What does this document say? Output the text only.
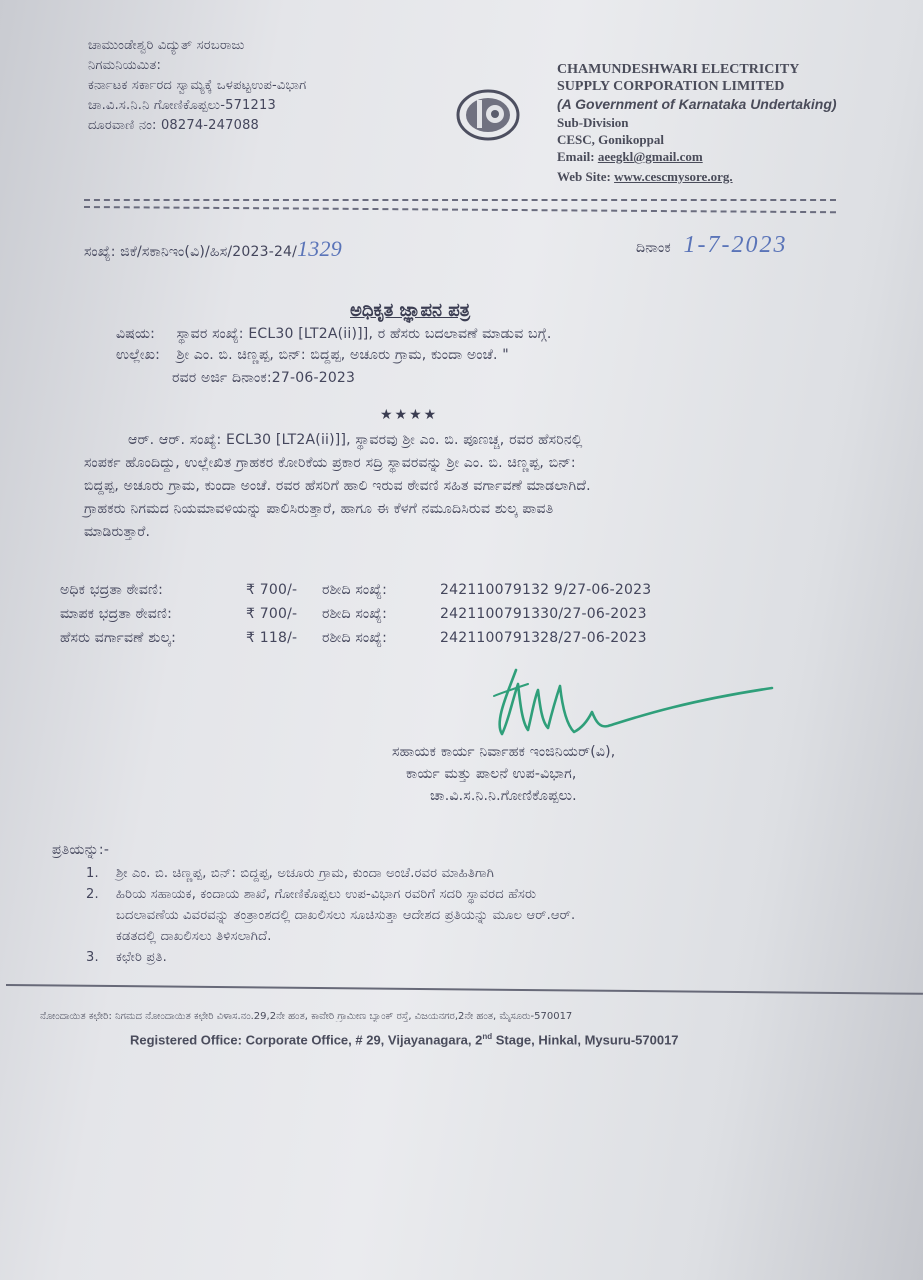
ಚಾಮುಂಡೇಶ್ವರಿ ವಿದ್ಯುತ್ ಸರಬರಾಜು
ನಿಗಮನಿಯಮಿತ:
ಕರ್ನಾಟಕ ಸರ್ಕಾರದ ಸ್ವಾಮ್ಯಕ್ಕೆ ಒಳಪಟ್ಟಉಪ-ವಿಭಾಗ
ಚಾ.ವಿ.ಸ.ನಿ.ನಿ ಗೋಣಿಕೊಪ್ಪಲು-571213
ದೂರವಾಣಿ ನಂ: 08274-247088
CHAMUNDESHWARI ELECTRICITY
SUPPLY CORPORATION LIMITED
(A Government of Karnataka Undertaking)
Sub-Division
CESC, Gonikoppal
Email: aeegkl@gmail.com
Web Site: www.cescmysore.org.
ಸಂಖ್ಯೆ: ಜಿಕೆ/ಸಕಾನಿಇಂ(ವಿ)/ಹಿಸ/2023-24/1329	ದಿನಾಂಕ 1-7-2023
ಅಧಿಕೃತ ಜ್ಞಾಪನ ಪತ್ರ
ವಿಷಯ: ಸ್ಥಾವರ ಸಂಖ್ಯೆ: ECL30 [LT2A(ii)]], ರ ಹೆಸರು ಬದಲಾವಣೆ ಮಾಡುವ ಬಗ್ಗೆ.
ಉಲ್ಲೇಖ: ಶ್ರೀ ಎಂ. ಬಿ. ಚಿಣ್ಣಪ್ಪ, ಬಿನ್: ಬಿದ್ದಪ್ಪ, ಅಚೂರು ಗ್ರಾಮ, ಕುಂದಾ ಅಂಚೆ. "
ರವರ ಅರ್ಜಿ ದಿನಾಂಕ:27-06-2023
★★★★
ಆರ್. ಆರ್. ಸಂಖ್ಯೆ: ECL30 [LT2A(ii)]], ಸ್ಥಾವರವು ಶ್ರೀ ಎಂ. ಬಿ. ಪೂಣಚ್ಚ, ರವರ ಹೆಸರಿನಲ್ಲಿ
ಸಂಪರ್ಕ ಹೊಂದಿದ್ದು, ಉಲ್ಲೇಖಿತ ಗ್ರಾಹಕರ ಕೋರಿಕೆಯ ಪ್ರಕಾರ ಸದ್ರಿ ಸ್ಥಾವರವನ್ನು ಶ್ರೀ ಎಂ. ಬಿ. ಚಿಣ್ಣಪ್ಪ, ಬಿನ್:
ಬಿದ್ದಪ್ಪ, ಅಚೂರು ಗ್ರಾಮ, ಕುಂದಾ ಅಂಚೆ. ರವರ ಹೆಸರಿಗೆ ಹಾಲಿ ಇರುವ ಠೇವಣಿ ಸಹಿತ ವರ್ಗಾವಣೆ ಮಾಡಲಾಗಿದೆ.
ಗ್ರಾಹಕರು ನಿಗಮದ ನಿಯಮಾವಳಿಯನ್ನು ಪಾಲಿಸಿರುತ್ತಾರೆ, ಹಾಗೂ ಈ ಕೆಳಗೆ ನಮೂದಿಸಿರುವ ಶುಲ್ಕ ಪಾವತಿ
ಮಾಡಿರುತ್ತಾರೆ.
ಅಧಿಕ ಭದ್ರತಾ ಠೇವಣಿ:	₹ 700/- ರಶೀದಿ ಸಂಖ್ಯೆ:	242110079132 9/27-06-2023
ಮಾಪಕ ಭದ್ರತಾ ಠೇವಣಿ:	₹ 700/- ರಶೀದಿ ಸಂಖ್ಯೆ:	2421100791330/27-06-2023
ಹೆಸರು ವರ್ಗಾವಣೆ ಶುಲ್ಕ:	₹ 118/- ರಶೀದಿ ಸಂಖ್ಯೆ:	2421100791328/27-06-2023
ಸಹಾಯಕ ಕಾರ್ಯ ನಿರ್ವಾಹಕ ಇಂಜಿನಿಯರ್(ವಿ),
ಕಾರ್ಯ ಮತ್ತು ಪಾಲನೆ ಉಪ-ವಿಭಾಗ,
ಚಾ.ವಿ.ಸ.ನಿ.ನಿ.ಗೋಣಿಕೊಪ್ಪಲು.
ಪ್ರತಿಯನ್ನು:-
1.	ಶ್ರೀ ಎಂ. ಬಿ. ಚಿಣ್ಣಪ್ಪ, ಬಿನ್: ಬಿದ್ದಪ್ಪ, ಅಚೂರು ಗ್ರಾಮ, ಕುಂದಾ ಅಂಚೆ.ರವರ ಮಾಹಿತಿಗಾಗಿ
2.	ಹಿರಿಯ ಸಹಾಯಕ, ಕಂದಾಯ ಶಾಖೆ, ಗೋಣಿಕೊಪ್ಪಲು ಉಪ-ವಿಭಾಗ ರವರಿಗೆ ಸದರಿ ಸ್ಥಾವರದ ಹೆಸರು
ಬದಲಾವಣೆಯ ವಿವರವನ್ನು ತಂತ್ರಾಂಶದಲ್ಲಿ ದಾಖಲಿಸಲು ಸೂಚಿಸುತ್ತಾ ಆದೇಶದ ಪ್ರತಿಯನ್ನು ಮೂಲ ಆರ್.ಆರ್.
ಕಡತದಲ್ಲಿ ದಾಖಲಿಸಲು ತಿಳಿಸಲಾಗಿದೆ.
3.	ಕಛೇರಿ ಪ್ರತಿ.
ನೋಂದಾಯಿತ ಕಛೇರಿ: ನಿಗಮದ ನೋಂದಾಯಿತ ಕಛೇರಿ ವಿಳಾಸ.ನಂ.29,2ನೇ ಹಂತ, ಕಾವೇರಿ ಗ್ರಾಮೀಣ ಬ್ಯಾಂಕ್ ರಸ್ತೆ, ವಿಜಯನಗರ,2ನೇ ಹಂತ, ಮೈಸೂರು-570017
Registered Office: Corporate Office, # 29, Vijayanagara, 2nd Stage, Hinkal, Mysuru-570017
